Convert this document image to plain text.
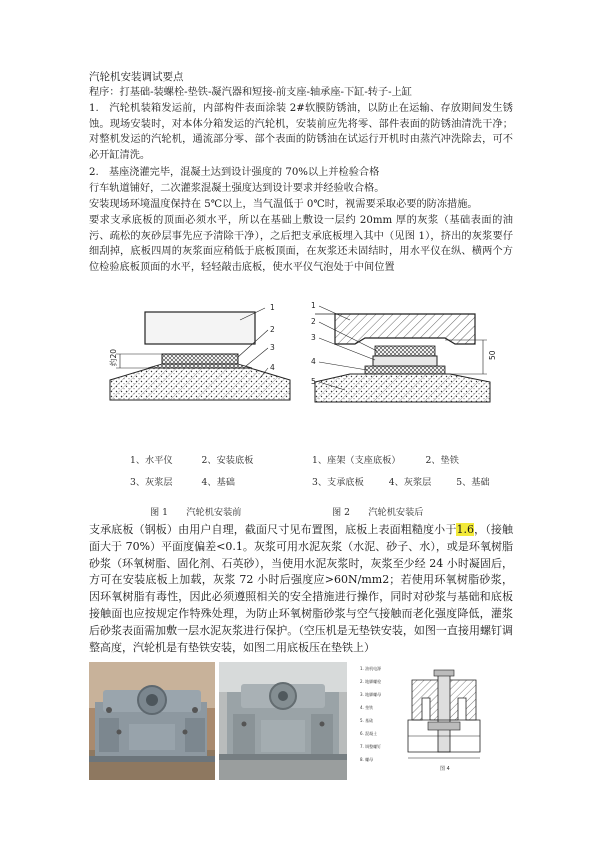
汽轮机安装调试要点

程序：打基础-装螺栓-垫铁-凝汽器和短接-前支座-轴承座-下缸-转子-上缸

1.　汽轮机装箱发运前，内部构件表面涂装 2#软膜防锈油，以防止在运输、存放期间发生锈蚀。现场安装时，对本体分箱发运的汽轮机，安装前应先将零、部件表面的防锈油清洗干净；对整机发运的汽轮机，通流部分零、部个表面的防锈油在试运行开机时由蒸汽冲洗除去，可不必开缸清洗。

2.　基座浇灌完毕，混凝土达到设计强度的 70%以上并检验合格

行车轨道铺好，二次灌浆混凝土强度达到设计要求并经验收合格。

安装现场环境温度保持在 5℃以上，当气温低于 0℃时，视需要采取必要的防冻措施。

要求支承底板的顶面必须水平，所以在基础上敷设一层约 20mm 厚的灰浆（基础表面的油污、疏松的灰砂层事先应予清除干净），之后把支承底板埋入其中（见图 1），挤出的灰浆要仔细刮掉，底板四周的灰浆面应稍低于底板顶面，在灰浆还未固结时，用水平仪在纵、横两个方位检验底板顶面的水平，轻轻敲击底板，使水平仪气泡处于中间位置

1
2
3
4
约20
1、水平仪	2、安装底板
3、灰浆层	4、基础
图 1　　汽轮机安装前
1
2
3
4
5
50
1、座架（支座底板）	2、垫铁
3、支承底板	4、灰浆层	5、基础
图 2　　汽轮机安装后

支承底板（钢板）由用户自理，截面尺寸见布置图，底板上表面粗糙度小于1.6，（接触面大于 70%）平面度偏差<0.1。灰浆可用水泥灰浆（水泥、砂子、水），或是环氧树脂砂浆（环氧树脂、固化剂、石英砂），当使用水泥灰浆时，灰浆至少经 24 小时凝固后，方可在安装底板上加载，灰浆 72 小时后强度应>60N/mm2；若使用环氧树脂砂浆，因环氧树脂有毒性，因此必须遵照相关的安全措施进行操作，同时对砂浆与基础和底板接触面也应按规定作特殊处理，为防止环氧树脂砂浆与空气接触而老化强度降低，灌浆后砂浆表面需加敷一层水泥灰浆进行保护。（空压机是无垫铁安装，如图一直接用螺钉调整高度，汽轮机是有垫铁安装，如图二用底板压在垫铁上）

1. 油机电源
2. 地脚螺栓
3. 地脚螺母
4. 垫铁
5. 基础
6. 混凝土
7. 调整螺钉
8. 螺母
图 4
